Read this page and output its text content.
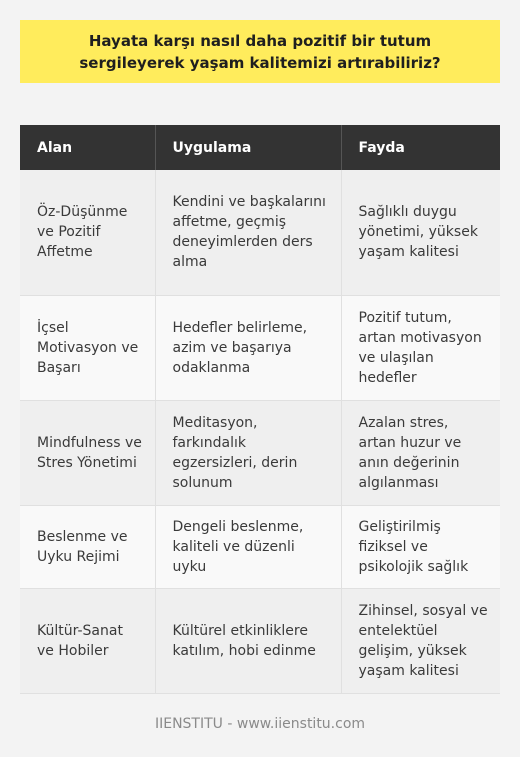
Hayata karşı nasıl daha pozitif bir tutum sergileyerek yaşam kalitemizi artırabiliriz?
Alan	Uygulama	Fayda
Öz-Düşünme ve Pozitif Affetme	Kendini ve başkalarını affetme, geçmiş deneyimlerden ders alma	Sağlıklı duygu yönetimi, yüksek yaşam kalitesi
İçsel Motivasyon ve Başarı	Hedefler belirleme, azim ve başarıya odaklanma	Pozitif tutum, artan motivasyon ve ulaşılan hedefler
Mindfulness ve Stres Yönetimi	Meditasyon, farkındalık egzersizleri, derin solunum	Azalan stres, artan huzur ve anın değerinin algılanması
Beslenme ve Uyku Rejimi	Dengeli beslenme, kaliteli ve düzenli uyku	Geliştirilmiş fiziksel ve psikolojik sağlık
Kültür-Sanat ve Hobiler	Kültürel etkinliklere katılım, hobi edinme	Zihinsel, sosyal ve entelektüel gelişim, yüksek yaşam kalitesi
IIENSTITU - www.iienstitu.com
